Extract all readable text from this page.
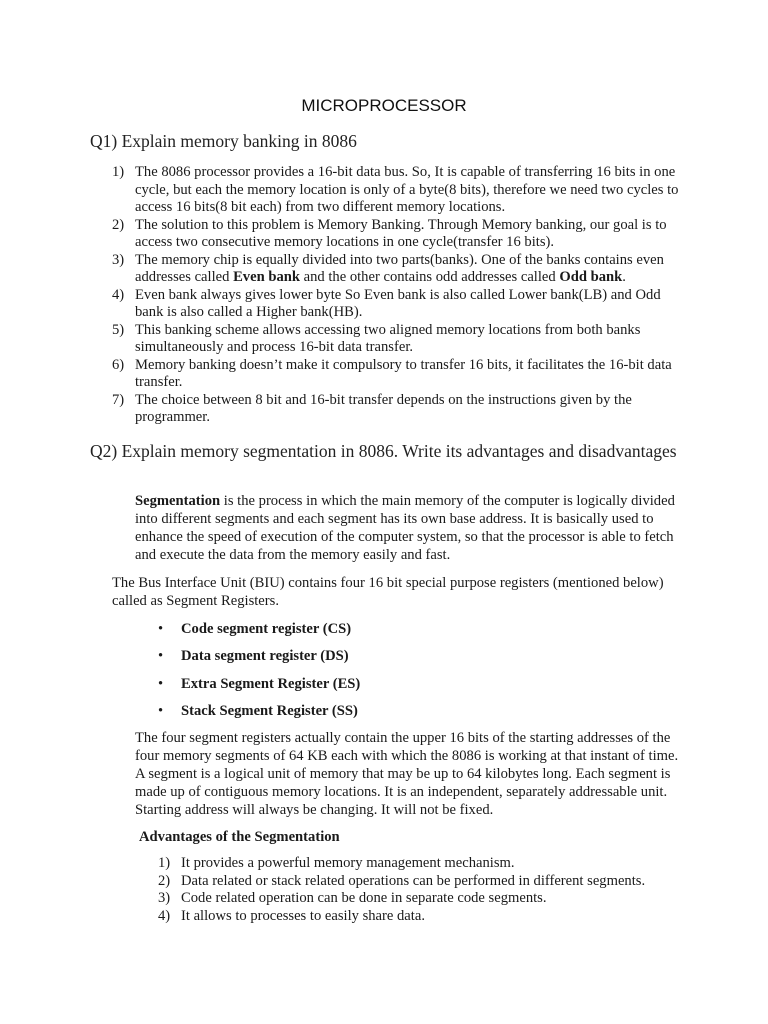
MICROPROCESSOR
Q1) Explain memory banking in 8086
1) The 8086 processor provides a 16-bit data bus. So, It is capable of transferring 16 bits in one cycle, but each the memory location is only of a byte(8 bits), therefore we need two cycles to access 16 bits(8 bit each) from two different memory locations.
2) The solution to this problem is Memory Banking. Through Memory banking, our goal is to access two consecutive memory locations in one cycle(transfer 16 bits).
3) The memory chip is equally divided into two parts(banks). One of the banks contains even addresses called Even bank and the other contains odd addresses called Odd bank.
4) Even bank always gives lower byte So Even bank is also called Lower bank(LB) and Odd bank is also called a Higher bank(HB).
5) This banking scheme allows accessing two aligned memory locations from both banks simultaneously and process 16-bit data transfer.
6) Memory banking doesn’t make it compulsory to transfer 16 bits, it facilitates the 16-bit data transfer.
7) The choice between 8 bit and 16-bit transfer depends on the instructions given by the programmer.
Q2) Explain memory segmentation in 8086. Write its advantages and disadvantages

Segmentation is the process in which the main memory of the computer is logically divided into different segments and each segment has its own base address. It is basically used to enhance the speed of execution of the computer system, so that the processor is able to fetch and execute the data from the memory easily and fast.

The Bus Interface Unit (BIU) contains four 16 bit special purpose registers (mentioned below) called as Segment Registers.

• Code segment register (CS)
• Data segment register (DS)
• Extra Segment Register (ES)
• Stack Segment Register (SS)

The four segment registers actually contain the upper 16 bits of the starting addresses of the four memory segments of 64 KB each with which the 8086 is working at that instant of time. A segment is a logical unit of memory that may be up to 64 kilobytes long. Each segment is made up of contiguous memory locations. It is an independent, separately addressable unit. Starting address will always be changing. It will not be fixed.

Advantages of the Segmentation
1) It provides a powerful memory management mechanism.
2) Data related or stack related operations can be performed in different segments.
3) Code related operation can be done in separate code segments.
4) It allows to processes to easily share data.
